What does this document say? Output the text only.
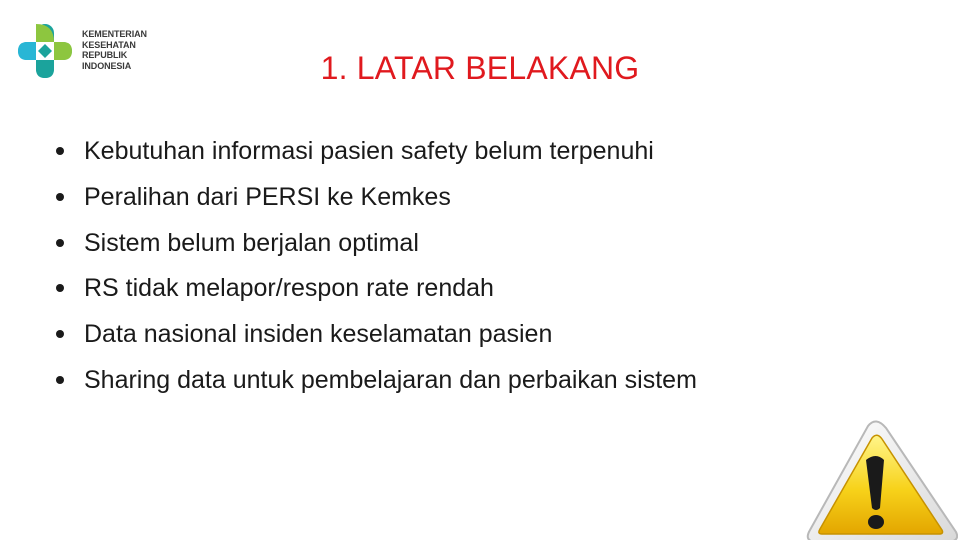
KEMENTERIAN
KESEHATAN
REPUBLIK
INDONESIA	1. LATAR BELAKANG
Kebutuhan informasi pasien safety belum terpenuhi
Peralihan dari PERSI ke Kemkes
Sistem belum berjalan optimal
RS tidak melapor/respon rate rendah
Data nasional insiden keselamatan pasien
Sharing data untuk pembelajaran dan perbaikan sistem
